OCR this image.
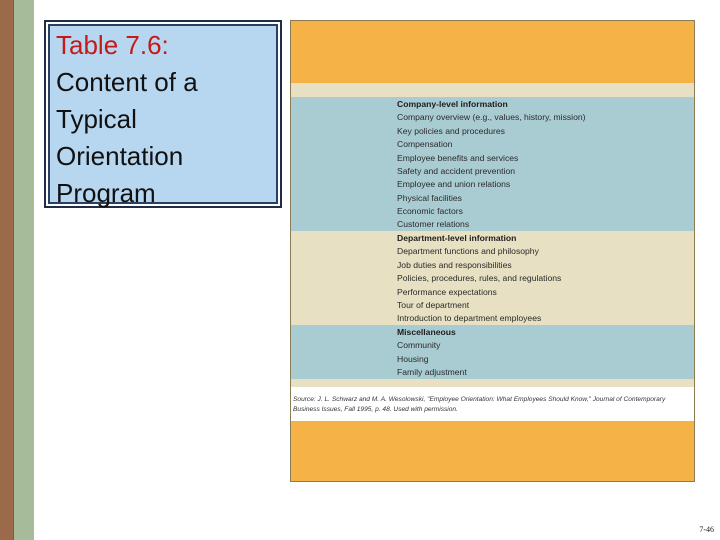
Table 7.6:
Content of a
Typical
Orientation
Program
Company-level information
Company overview (e.g., values, history, mission)
Key policies and procedures
Compensation
Employee benefits and services
Safety and accident prevention
Employee and union relations
Physical facilities
Economic factors
Customer relations
Department-level information
Department functions and philosophy
Job duties and responsibilities
Policies, procedures, rules, and regulations
Performance expectations
Tour of department
Introduction to department employees
Miscellaneous
Community
Housing
Family adjustment
Source: J. L. Schwarz and M. A. Wesolowski, "Employee Orientation: What Employees Should Know," Journal of Contemporary Business Issues, Fall 1995, p. 48. Used with permission.
7-46
